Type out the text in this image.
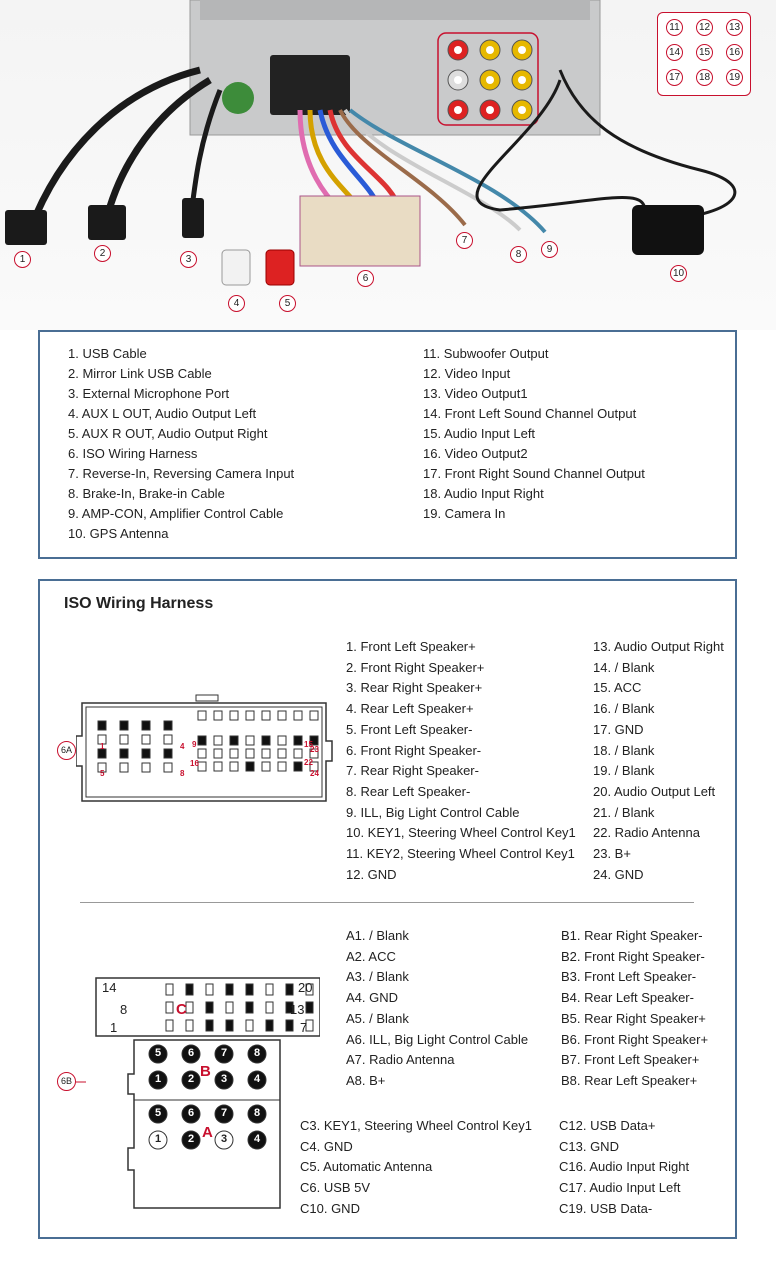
1
2
3
4	5
6
7
8	9
10
11	12 13
14 15 16
17 18 19
1. USB Cable
2. Mirror Link USB Cable
3. External Microphone Port
4. AUX L OUT, Audio Output Left
5. AUX R OUT, Audio Output Right
6. ISO Wiring Harness
7. Reverse-In, Reversing Camera Input
8. Brake-In, Brake-in Cable
9. AMP-CON, Amplifier Control Cable
10. GPS Antenna
11. Subwoofer Output
12. Video Input
13. Video Output1
14. Front Left Sound Channel Output
15. Audio Input Left
16. Video Output2
17. Front Right Sound Channel Output
18. Audio Input Right
19. Camera In
ISO Wiring Harness
6A	1	4
5	8
9
16
15
23
22
24
1. Front Left Speaker+
2. Front Right Speaker+
3. Rear Right Speaker+
4. Rear Left Speaker+
5. Front Left Speaker-
6. Front Right Speaker-
7. Rear Right Speaker-
8. Rear Left Speaker-
9. ILL, Big Light Control Cable
10. KEY1, Steering Wheel Control Key1
11. KEY2, Steering Wheel Control Key1
12. GND
13. Audio Output Right
14. / Blank
15. ACC
16. / Blank
17. GND
18. / Blank
19. / Blank
20. Audio Output Left
21. / Blank
22. Radio Antenna
23. B+
24. GND
6B
14	20
8	13
1	7
C
B
A
5	6	7	8
1	2	3	4
5	6	7	8
1	2	3	4
A1. / Blank
A2. ACC
A3. / Blank
A4. GND
A5. / Blank
A6. ILL, Big Light Control Cable
A7. Radio Antenna
A8. B+
B1. Rear Right Speaker-
B2. Front Right Speaker-
B3. Front Left Speaker-
B4. Rear Left Speaker-
B5. Rear Right Speaker+
B6. Front Right Speaker+
B7. Front Left Speaker+
B8. Rear Left Speaker+
C3. KEY1, Steering Wheel Control Key1
C4. GND
C5. Automatic Antenna
C6. USB 5V
C10. GND
C12. USB Data+
C13. GND
C16. Audio Input Right
C17. Audio Input Left
C19. USB Data-
